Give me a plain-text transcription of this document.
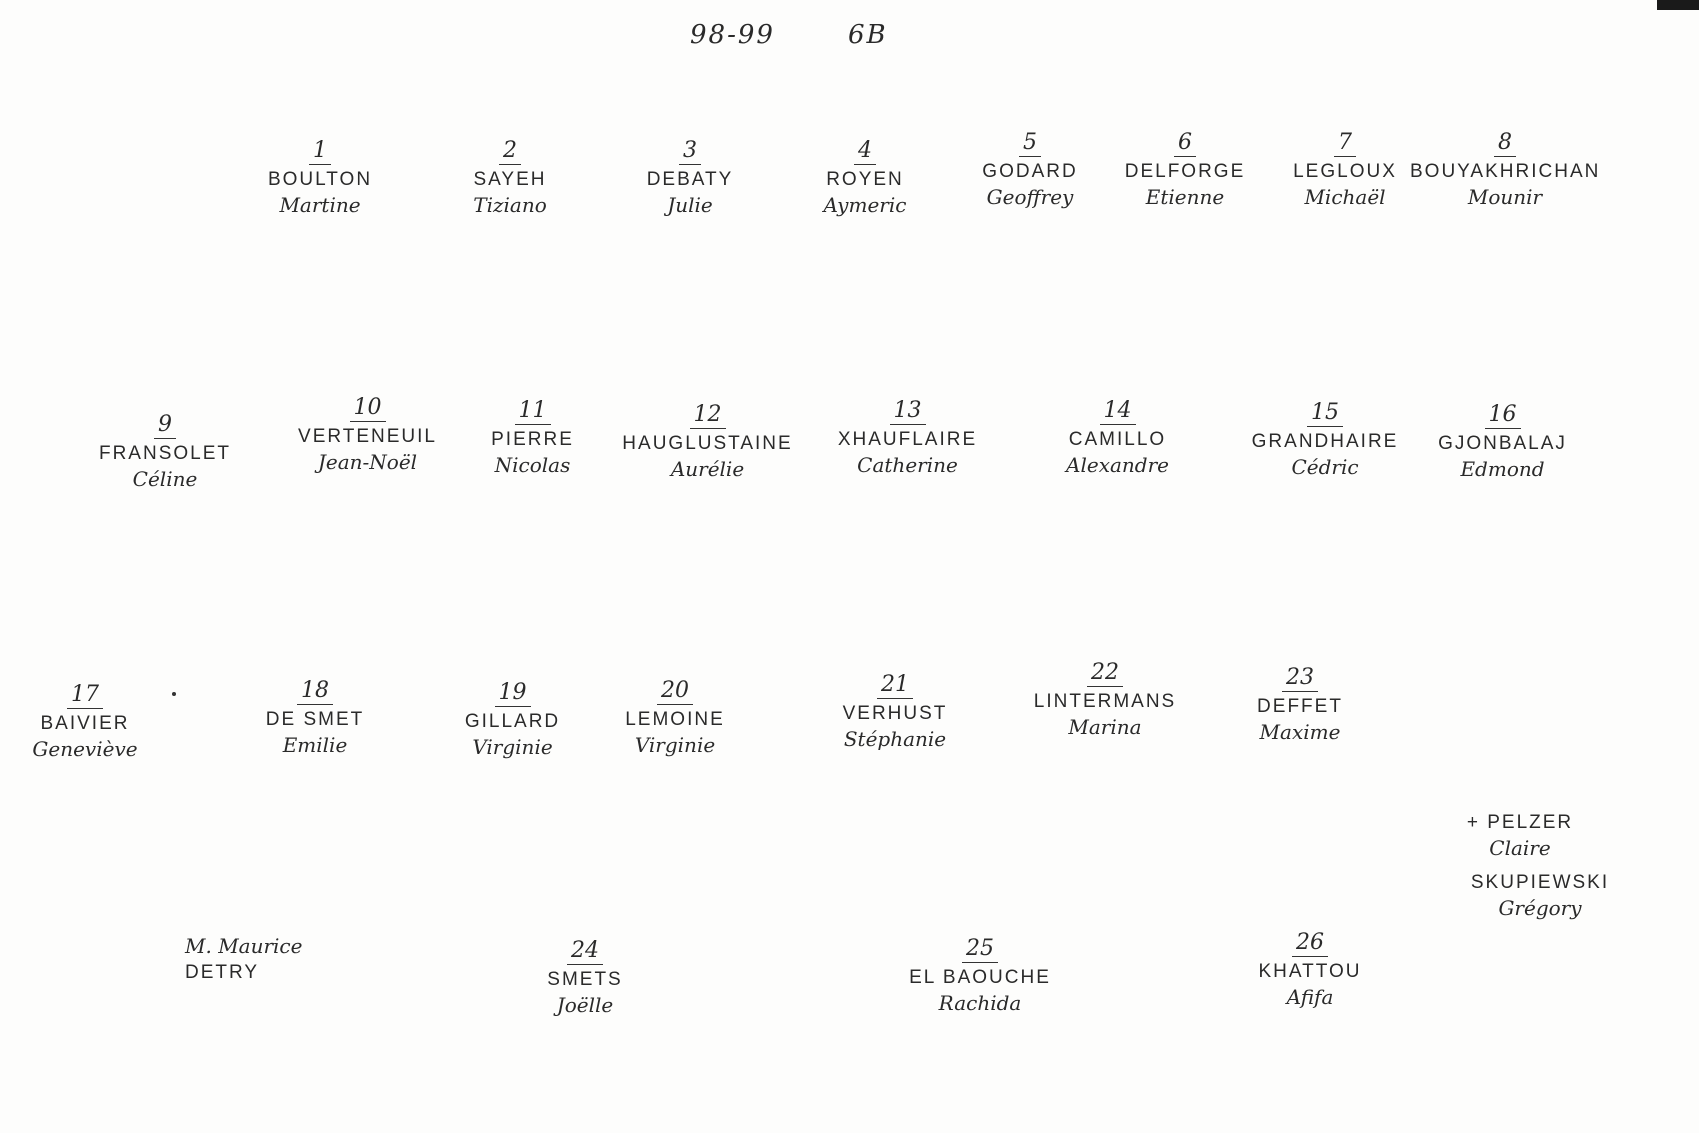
98-99	6B
1
BOULTON
Martine
2
SAYEH
Tiziano
3
DEBATY
Julie
4
ROYEN
Aymeric
5
GODARD
Geoffrey
6
DELFORGE
Etienne
7
LEGLOUX
Michaël
8
BOUYAKHRICHAN
Mounir
9
FRANSOLET
Céline
10
VERTENEUIL
Jean-Noël
11
PIERRE
Nicolas
12
HAUGLUSTAINE
Aurélie
13
XHAUFLAIRE
Catherine
14
CAMILLO
Alexandre
15
GRANDHAIRE
Cédric
16
GJONBALAJ
Edmond
17
BAIVIER
Geneviève
18
DE SMET
Emilie
19
GILLARD
Virginie
20
LEMOINE
Virginie
21
VERHUST
Stéphanie
22
LINTERMANS
Marina
23
DEFFET
Maxime
+ PELZER
Claire
SKUPIEWSKI
Grégory
M. Maurice
DETRY
24
SMETS
Joëlle
25
EL BAOUCHE
Rachida
26
KHATTOU
Afifa
